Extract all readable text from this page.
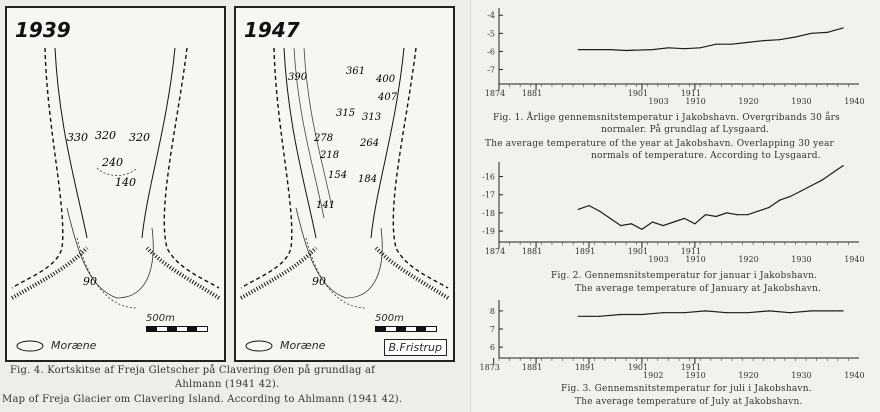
1939
330 320 320
240
140
90
500m
Moræne
1947
390
361
400
407
315 313
278	264
218
154 184
141
90
500m
Moræne	B.Fristrup
Fig. 4. Kortskitse af Freja Gletscher på Clavering Øen på grundlag af
Ahlmann (1941 42).
Map of Freja Glacier om Clavering Island. According to Ahlmann (1941 42).
-4
-5
-6
-7
1874 1881	1901	1911
1903 1910	1920	1930	1940
-16
-17
-18
-19
1874 1881	1891	1901	1911
1903 1910	1920	1930	1940
8
7
6
1873	1881	1891	1901	1911
1902	1910	1920	1930	1940
Fig. 1. Årlige gennemsnitstemperatur i Jakobshavn. Overgribands 30 års
normaler. På grundlag af Lysgaard.
The average temperature of the year at Jakobshavn. Overlapping 30 year
normals of temperature. According to Lysgaard.
Fig. 2. Gennemsnitstemperatur for januar i Jakobshavn.
The average temperature of January at Jakobshavn.
Fig. 3. Gennemsnitstemperatur for juli i Jakobshavn.
The average temperature of July at Jakobshavn.
